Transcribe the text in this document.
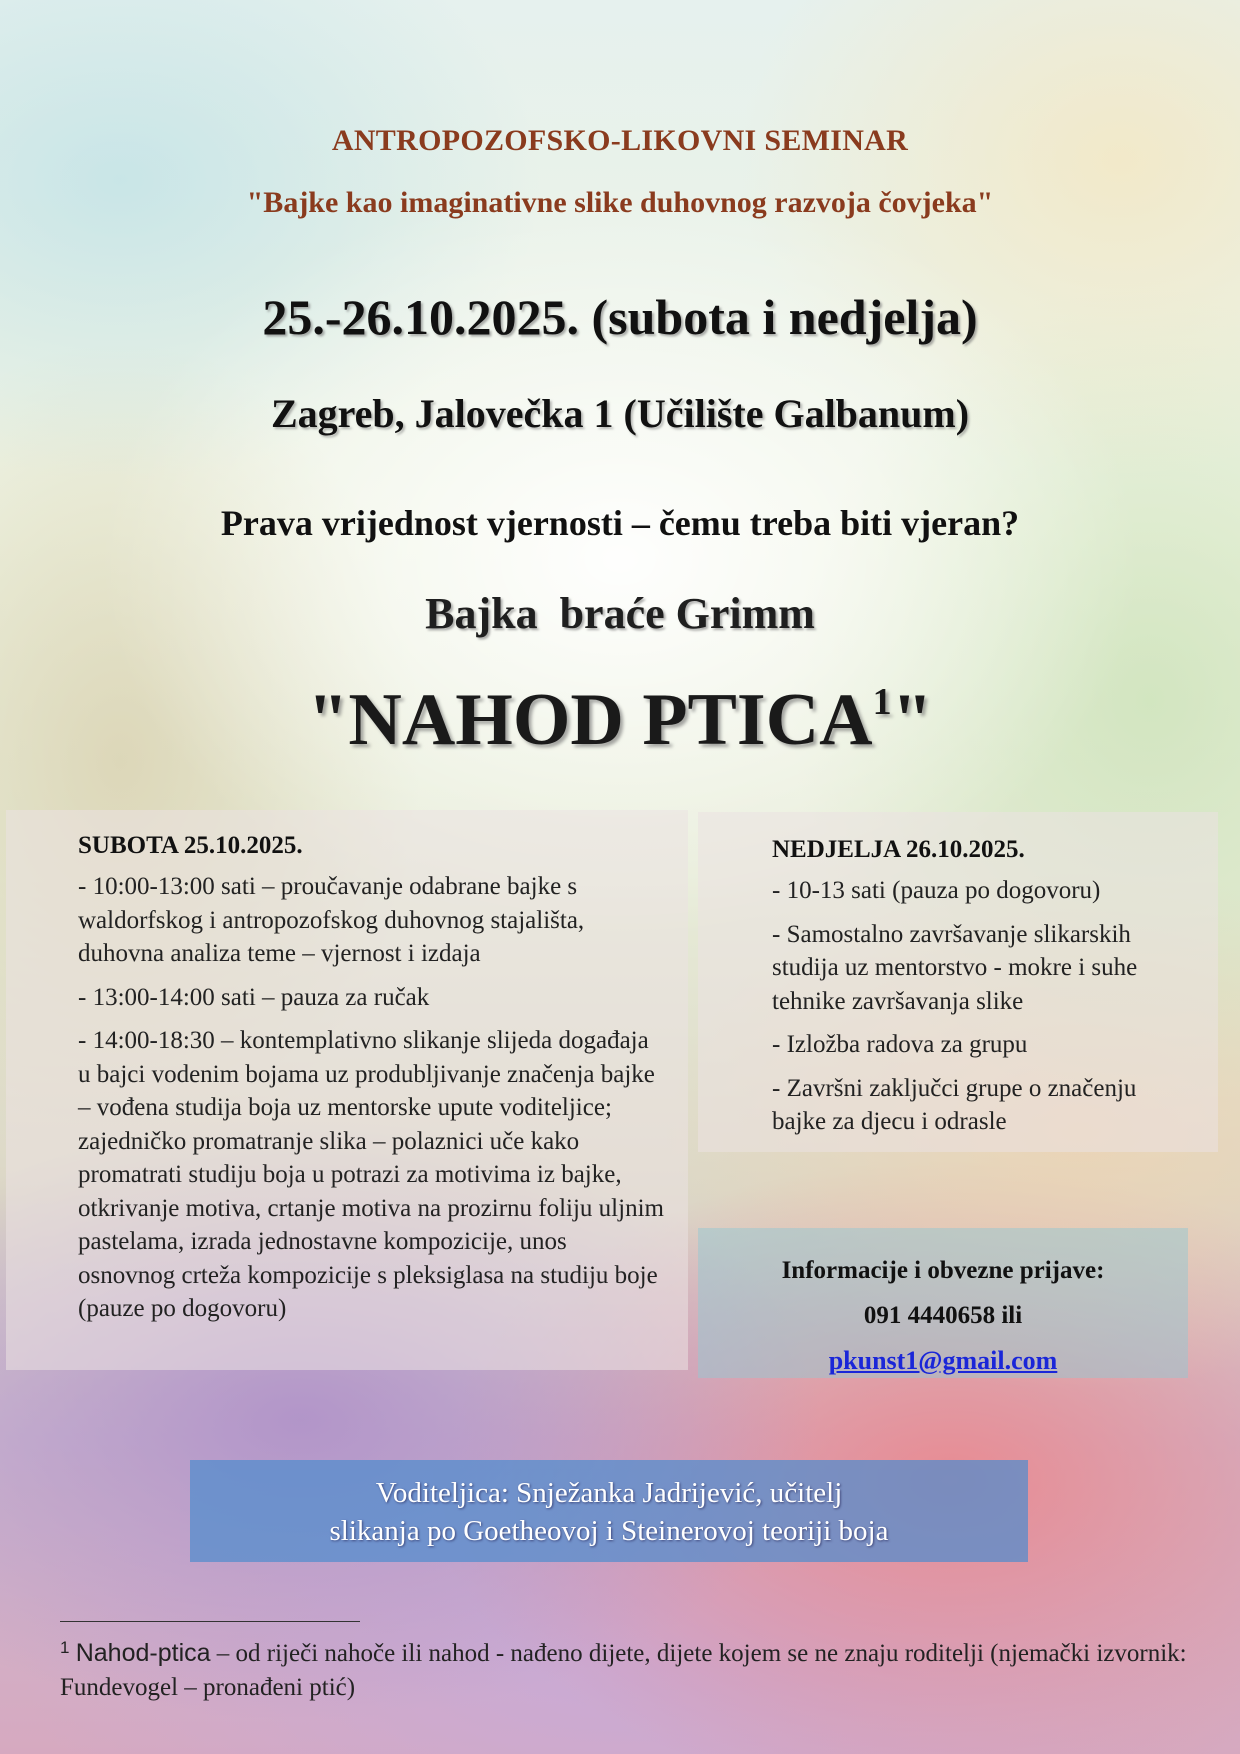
ANTROPOZOFSKO-LIKOVNI SEMINAR

"Bajke kao imaginativne slike duhovnog razvoja čovjeka"

25.-26.10.2025. (subota i nedjelja)

Zagreb, Jalovečka 1 (Učilište Galbanum)

Prava vrijednost vjernosti – čemu treba biti vjeran?

Bajka  braće Grimm

"NAHOD PTICA$^1$"

SUBOTA 25.10.2025.
- 10:00-13:00 sati – proučavanje odabrane bajke s waldorfskog i antropozofskog duhovnog stajališta, duhovna analiza teme – vjernost i izdaja
- 13:00-14:00 sati – pauza za ručak
- 14:00-18:30 – kontemplativno slikanje slijeda događaja u bajci vodenim bojama uz produbljivanje značenja bajke – vođena studija boja uz mentorske upute voditeljice; zajedničko promatranje slika – polaznici uče kako promatrati studiju boja u potrazi za motivima iz bajke, otkrivanje motiva, crtanje motiva na prozirnu foliju uljnim pastelama, izrada jednostavne kompozicije, unos osnovnog crteža kompozicije s pleksiglasa na studiju boje (pauze po dogovoru)
NEDJELJA 26.10.2025.
- 10-13 sati (pauza po dogovoru)
- Samostalno završavanje slikarskih studija uz mentorstvo - mokre i suhe tehnike završavanja slike
- Izložba radova za grupu
- Završni zaključci grupe o značenju bajke za djecu i odrasle

Informacije i obvezne prijave:

091 4440658 ili

pkunst1@gmail.com

Voditeljica: Snježanka Jadrijević, učitelj

slikanja po Goetheovoj i Steinerovoj teoriji boja

$^1$ Nahod-ptica – od riječi nahoče ili nahod - nađeno dijete, dijete kojem se ne znaju roditelji (njemački izvornik: Fundevogel – pronađeni ptić)
